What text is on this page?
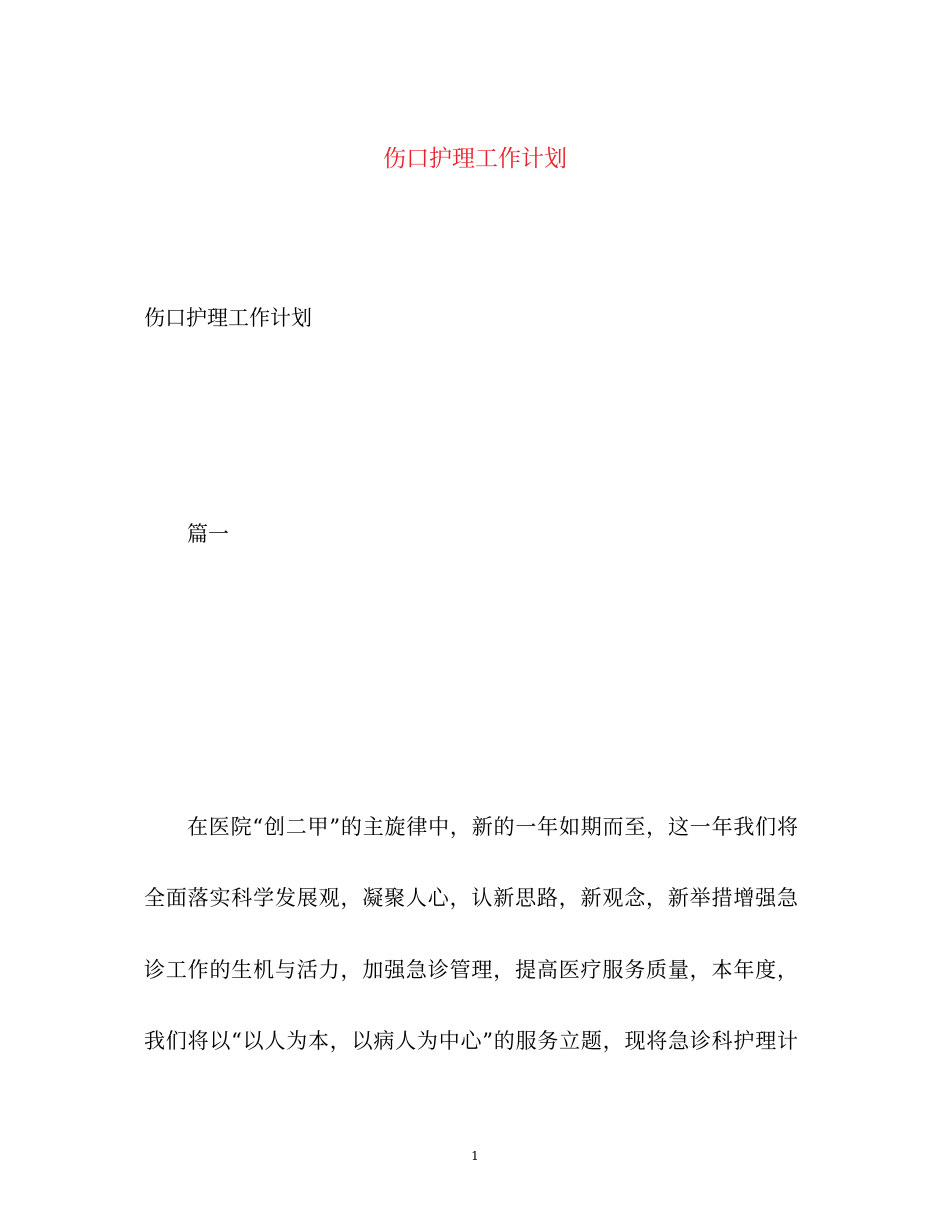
伤口护理工作计划
伤口护理工作计划
篇一
在医院“创二甲”的主旋律中，新的一年如期而至，这一年我们将
全面落实科学发展观，凝聚人心，认新思路，新观念，新举措增强急
诊工作的生机与活力，加强急诊管理，提高医疗服务质量，本年度，
我们将以“以人为本，以病人为中心”的服务立题，现将急诊科护理计
1
